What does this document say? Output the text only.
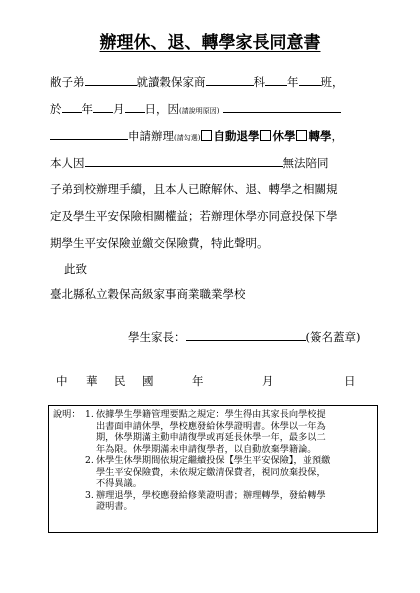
辦理休、退、轉學家長同意書
敝子弟	就讀穀保家商	科 年 班，
於 年 月 日，因(請說明原因)
申請辦理(請勾選) 自動退學 休學 轉學，
本人因	無法陪同
子弟到校辦理手續，且本人已瞭解休、退、轉學之相關規
定及學生平安保險相關權益；若辦理休學亦同意投保下學
期學生平安保險並繳交保險費，特此聲明。
此致
臺北縣私立穀保高級家事商業職業學校
學生家長：	(簽名蓋章)
中 華 民 國	年	月	日
說明： 1. 依據學生學籍管理要點之規定：學生得由其家長向學校提
出書面申請休學，學校應發給休學證明書。休學以一年為
期，休學期滿主動申請復學或再延長休學一年，最多以二
年為限。休學期滿未申請復學者，以自動放棄學籍論。
2. 休學生休學期間依規定繼續投保【學生平安保險】，並預繳
學生平安保險費，未依規定繳清保費者，視同放棄投保，
不得異議。
3. 辦理退學，學校應發給修業證明書；辦理轉學，發給轉學
證明書。
